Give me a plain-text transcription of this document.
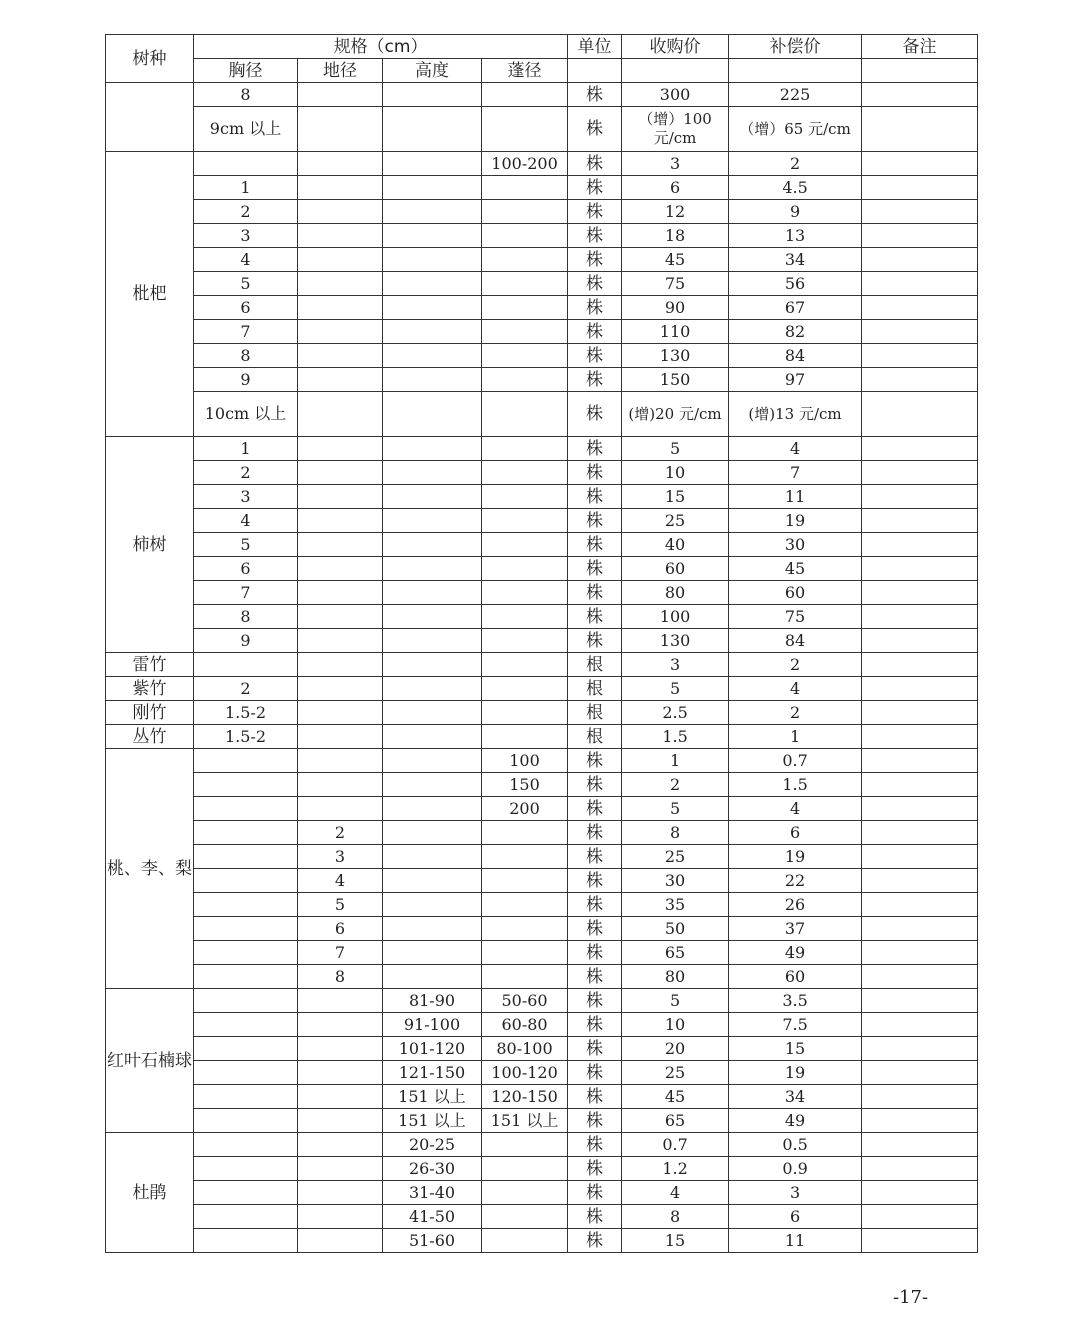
树种	规格（cm）				单位	收购价	补偿价	备注
	胸径	地径	高度	蓬径				
	8				株	300	225	
	9cm 以上				株	（增）100 元/cm	（增）65 元/cm	
枇杷				100-200	株	3	2	
	1				株	6	4.5	
	2				株	12	9	
	3				株	18	13	
	4				株	45	34	
	5				株	75	56	
	6				株	90	67	
	7				株	110	82	
	8				株	130	84	
	9				株	150	97	
	10cm 以上				株	(增)20 元/cm	(增)13 元/cm	
柿树	1				株	5	4	
	2				株	10	7	
	3				株	15	11	
	4				株	25	19	
	5				株	40	30	
	6				株	60	45	
	7				株	80	60	
	8				株	100	75	
	9				株	130	84	
雷竹					根	3	2	
紫竹	2				根	5	4	
刚竹	1.5-2				根	2.5	2	
丛竹	1.5-2				根	1.5	1	
桃、李、梨				100	株	1	0.7	
				150	株	2	1.5	
				200	株	5	4	
		2			株	8	6	
		3			株	25	19	
		4			株	30	22	
		5			株	35	26	
		6			株	50	37	
		7			株	65	49	
		8			株	80	60	
红叶石楠球			81-90	50-60	株	5	3.5	
			91-100	60-80	株	10	7.5	
			101-120	80-100	株	20	15	
			121-150	100-120	株	25	19	
			151 以上	120-150	株	45	34	
			151 以上	151 以上	株	65	49	
杜鹃			20-25		株	0.7	0.5	
			26-30		株	1.2	0.9	
			31-40		株	4	3	
			41-50		株	8	6	
			51-60		株	15	11	
-17-
